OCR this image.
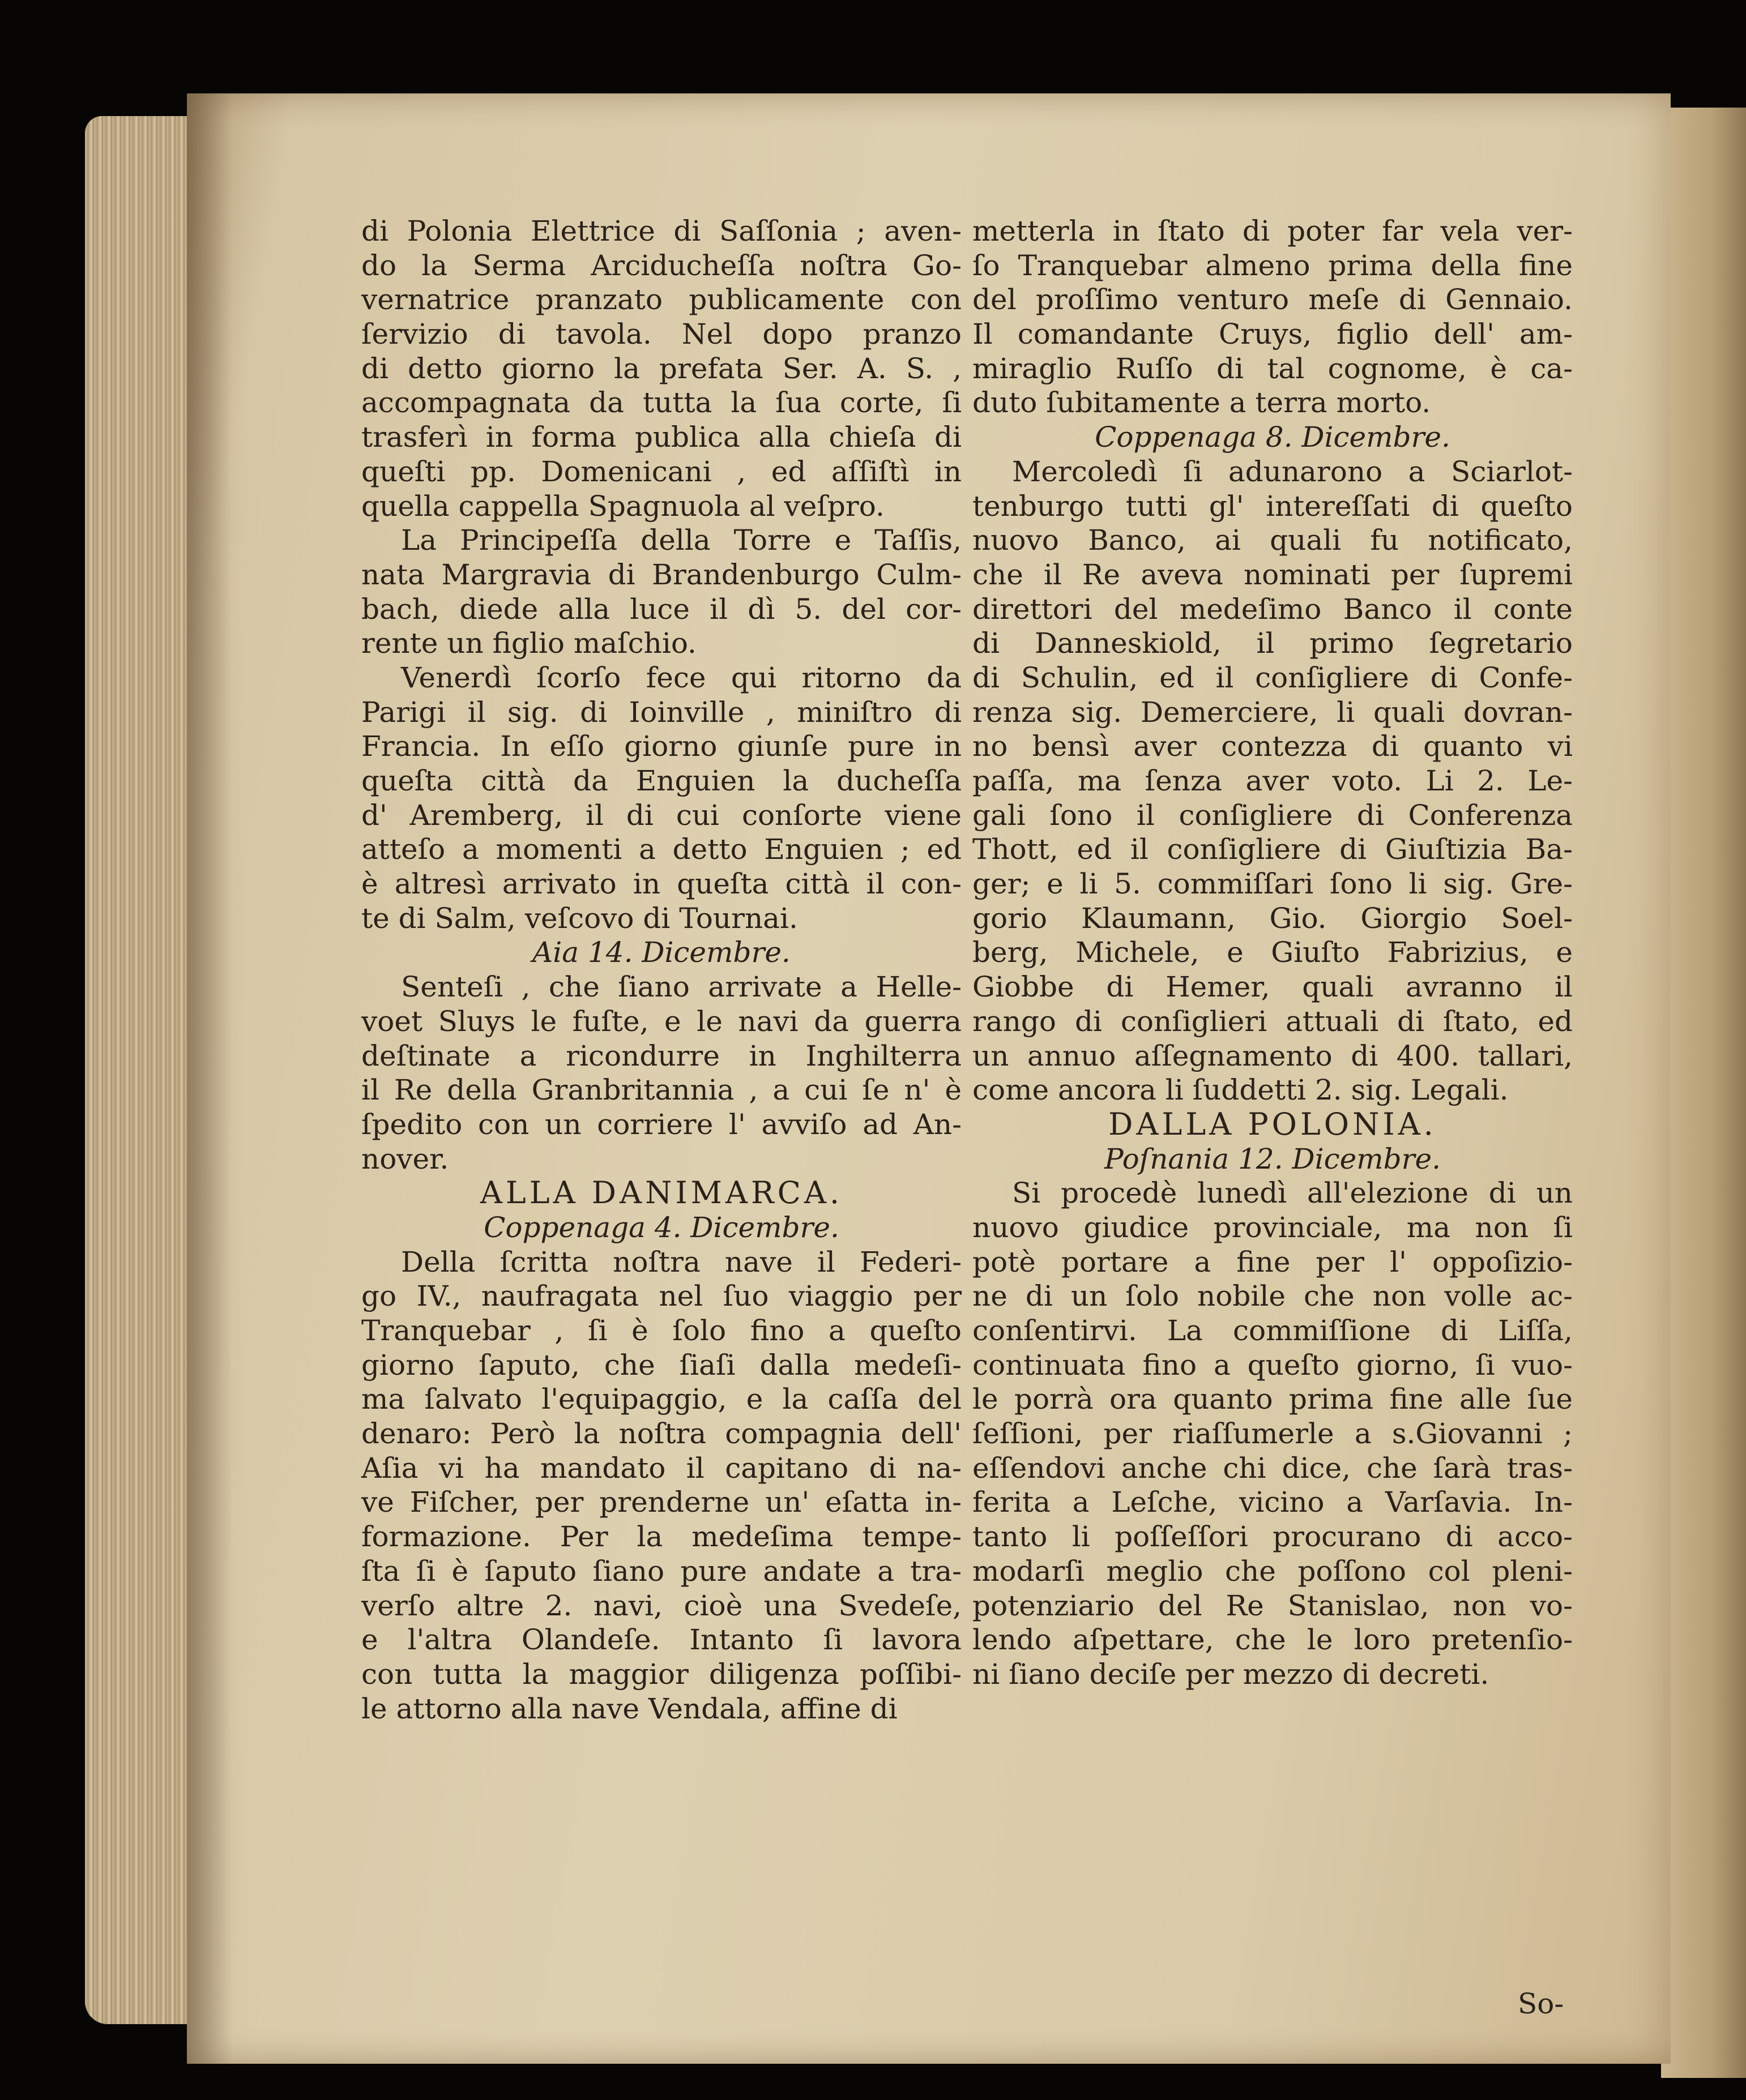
di Polonia Elettrice di Saſſonia ; aven-
do la Serma Arciducheſſa noſtra Go-
vernatrice pranzato publicamente con
ſervizio di tavola. Nel dopo pranzo
di detto giorno la prefata Ser. A. S. ,
accompagnata da tutta la ſua corte, ſi
trasferì in forma publica alla chieſa di
queſti pp. Domenicani , ed aſſiſtì in
quella cappella Spagnuola al veſpro.
La Principeſſa della Torre e Taſſis,
nata Margravia di Brandenburgo Culm-
bach, diede alla luce il dì 5. del cor-
rente un figlio maſchio.
Venerdì ſcorſo fece qui ritorno da
Parigi il sig. di Ioinville , miniſtro di
Francia. In eſſo giorno giunſe pure in
queſta città da Enguien la ducheſſa
d' Aremberg, il di cui conſorte viene
atteſo a momenti a detto Enguien ; ed
è altresì arrivato in queſta città il con-
te di Salm, veſcovo di Tournai.
Aia 14. Dicembre.
Senteſi , che ſiano arrivate a Helle-
voet Sluys le fuſte, e le navi da guerra
deſtinate a ricondurre in Inghilterra
il Re della Granbritannia , a cui ſe n' è
ſpedito con un corriere l' avviſo ad An-
nover.
ALLA DANIMARCA.
Coppenaga 4. Dicembre.
Della ſcritta noſtra nave il Federi-
go IV., naufragata nel ſuo viaggio per
Tranquebar , ſi è ſolo fino a queſto
giorno ſaputo, che ſiaſi dalla medeſi-
ma ſalvato l'equipaggio, e la caſſa del
denaro: Però la noſtra compagnia dell'
Aſia vi ha mandato il capitano di na-
ve Fiſcher, per prenderne un' eſatta in-
formazione. Per la medeſima tempe-
ſta ſi è ſaputo ſiano pure andate a tra-
verſo altre 2. navi, cioè una Svedeſe,
e l'altra Olandeſe. Intanto ſi lavora
con tutta la maggior diligenza poſſibi-
le attorno alla nave Vendala, affine di
metterla in ſtato di poter far vela ver-
ſo Tranquebar almeno prima della fine
del proſſimo venturo meſe di Gennaio.
Il comandante Cruys, figlio dell' am-
miraglio Ruſſo di tal cognome, è ca-
duto ſubitamente a terra morto.
Coppenaga 8. Dicembre.
Mercoledì ſi adunarono a Sciarlot-
tenburgo tutti gl' intereſſati di queſto
nuovo Banco, ai quali fu notificato,
che il Re aveva nominati per ſupremi
direttori del medeſimo Banco il conte
di Danneskiold, il primo ſegretario
di Schulin, ed il conſigliere di Confe-
renza sig. Demerciere, li quali dovran-
no bensì aver contezza di quanto vi
paſſa, ma ſenza aver voto. Li 2. Le-
gali ſono il conſigliere di Conferenza
Thott, ed il conſigliere di Giuſtizia Ba-
ger; e li 5. commiſſari ſono li sig. Gre-
gorio Klaumann, Gio. Giorgio Soel-
berg, Michele, e Giuſto Fabrizius, e
Giobbe di Hemer, quali avranno il
rango di conſiglieri attuali di ſtato, ed
un annuo aſſegnamento di 400. tallari,
come ancora li ſuddetti 2. sig. Legali.
DALLA POLONIA.
Poſnania 12. Dicembre.
Si procedè lunedì all'elezione di un
nuovo giudice provinciale, ma non ſi
potè portare a fine per l' oppoſizio-
ne di un ſolo nobile che non volle ac-
conſentirvi. La commiſſione di Liſſa,
continuata fino a queſto giorno, ſi vuo-
le porrà ora quanto prima fine alle ſue
ſeſſioni, per riaſſumerle a s.Giovanni ;
eſſendovi anche chi dice, che ſarà tras-
ferita a Leſche, vicino a Varſavia. In-
tanto li poſſeſſori procurano di acco-
modarſi meglio che poſſono col pleni-
potenziario del Re Stanislao, non vo-
lendo aſpettare, che le loro pretenſio-
ni ſiano deciſe per mezzo di decreti.
So-
